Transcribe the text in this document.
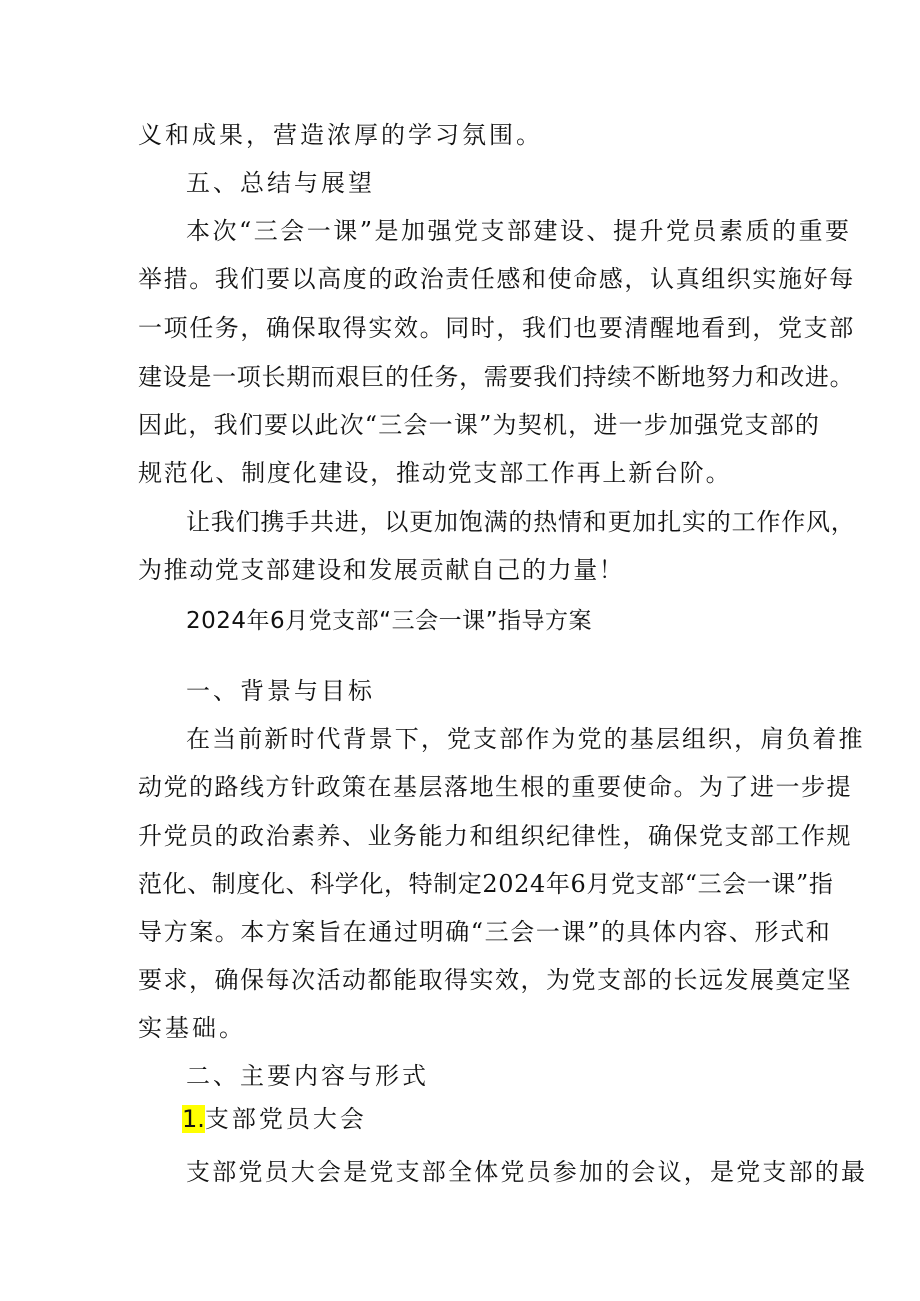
义和成果，营造浓厚的学习氛围。
五、总结与展望
本次“三会一课”是加强党支部建设、提升党员素质的重要
举措。我们要以高度的政治责任感和使命感，认真组织实施好每
一项任务，确保取得实效。同时，我们也要清醒地看到，党支部
建设是一项长期而艰巨的任务，需要我们持续不断地努力和改进。
因此，我们要以此次“三会一课”为契机，进一步加强党支部的
规范化、制度化建设，推动党支部工作再上新台阶。
让我们携手共进，以更加饱满的热情和更加扎实的工作作风，
为推动党支部建设和发展贡献自己的力量！
2024年6月党支部“三会一课”指导方案
一、背景与目标
在当前新时代背景下，党支部作为党的基层组织，肩负着推
动党的路线方针政策在基层落地生根的重要使命。为了进一步提
升党员的政治素养、业务能力和组织纪律性，确保党支部工作规
范化、制度化、科学化，特制定2024年6月党支部“三会一课”指
导方案。本方案旨在通过明确“三会一课”的具体内容、形式和
要求，确保每次活动都能取得实效，为党支部的长远发展奠定坚
实基础。
二、主要内容与形式
1.支部党员大会
支部党员大会是党支部全体党员参加的会议，是党支部的最
